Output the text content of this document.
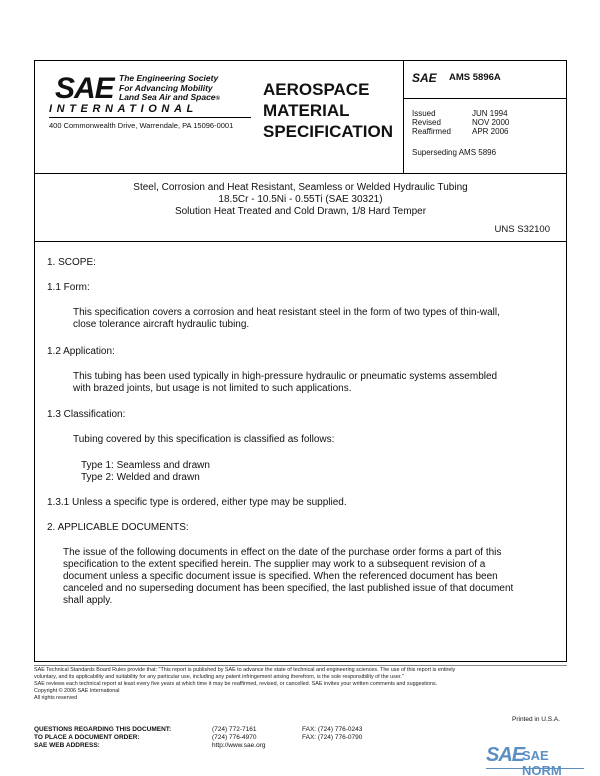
SAE The Engineering Society
For Advancing Mobility
Land Sea Air and Space®
INTERNATIONAL
400 Commonwealth Drive, Warrendale, PA 15096-0001
AEROSPACE
MATERIAL
SPECIFICATION
SAE AMS 5896A
Issued	JUN 1994
Revised	NOV 2000
Reaffirmed	APR 2006
Superseding AMS 5896
Steel, Corrosion and Heat Resistant, Seamless or Welded Hydraulic Tubing
18.5Cr - 10.5Ni - 0.55Ti (SAE 30321)
Solution Heat Treated and Cold Drawn, 1/8 Hard Temper
UNS S32100
1. SCOPE:
1.1 Form:
This specification covers a corrosion and heat resistant steel in the form of two types of thin-wall,
close tolerance aircraft hydraulic tubing.
1.2 Application:
This tubing has been used typically in high-pressure hydraulic or pneumatic systems assembled
with brazed joints, but usage is not limited to such applications.
1.3 Classification:
Tubing covered by this specification is classified as follows:
Type 1: Seamless and drawn
Type 2: Welded and drawn
1.3.1 Unless a specific type is ordered, either type may be supplied.
2. APPLICABLE DOCUMENTS:
The issue of the following documents in effect on the date of the purchase order forms a part of this
specification to the extent specified herein. The supplier may work to a subsequent revision of a
document unless a specific document issue is specified. When the referenced document has been
canceled and no superseding document has been specified, the last published issue of that document
shall apply.
SAE Technical Standards Board Rules provide that: "This report is published by SAE to advance the state of technical and engineering sciences. The use of this report is entirely
voluntary, and its applicability and suitability for any particular use, including any patent infringement arising therefrom, is the sole responsibility of the user."
SAE reviews each technical report at least every five years at which time it may be reaffirmed, revised, or cancelled. SAE invites your written comments and suggestions.
Copyright © 2006 SAE International
All rights reserved
Printed in U.S.A.
QUESTIONS REGARDING THIS DOCUMENT:	(724) 772-7161	FAX: (724) 776-0243
TO PLACE A DOCUMENT ORDER:	(724) 776-4970	FAX: (724) 776-0790
SAE WEB ADDRESS:	http://www.sae.org	SAE
SAE NORM
